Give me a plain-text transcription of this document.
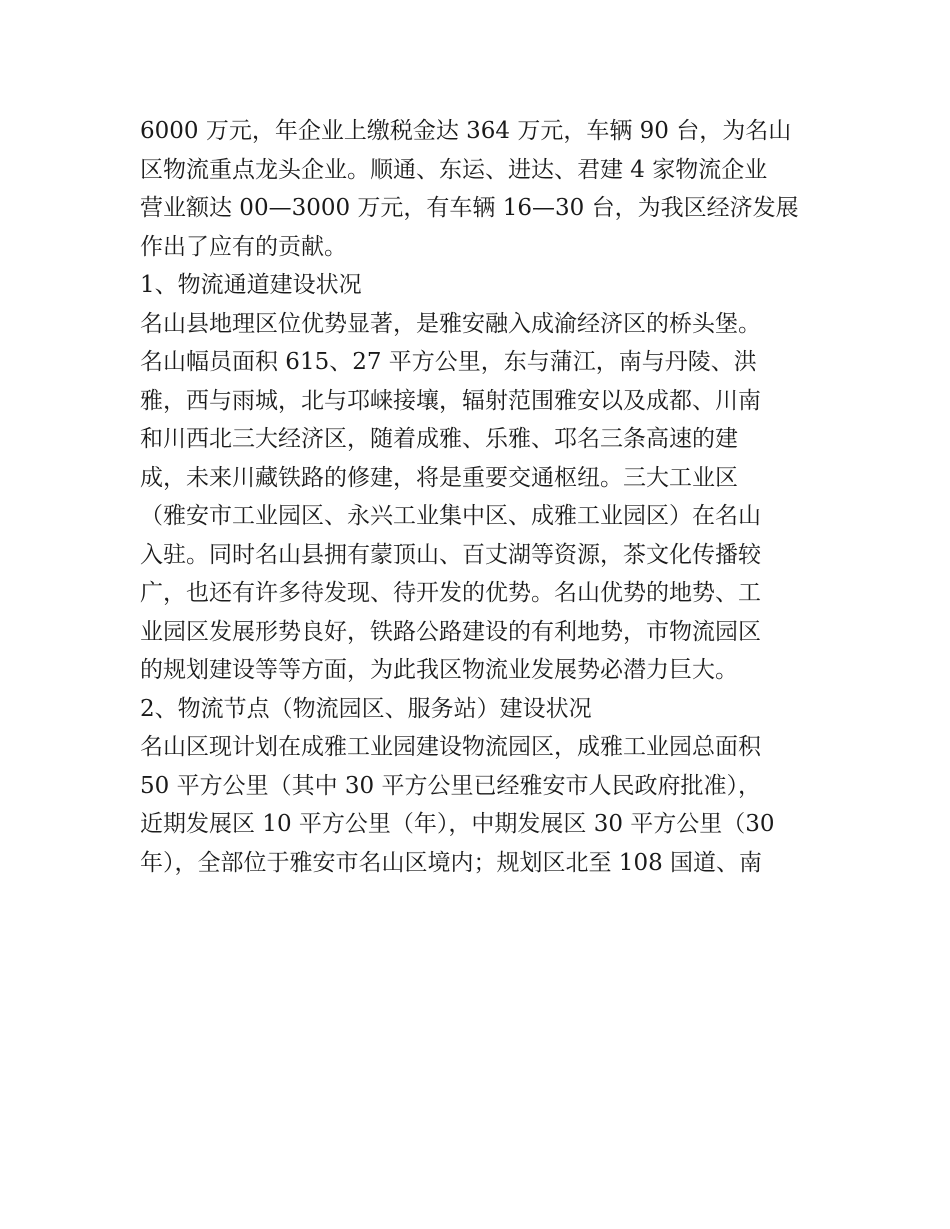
6000 万元，年企业上缴税金达 364 万元，车辆 90 台，为名山
区物流重点龙头企业。顺通、东运、进达、君建 4 家物流企业
营业额达 00—3000 万元，有车辆 16—30 台，为我区经济发展
作出了应有的贡献。
1、物流通道建设状况
名山县地理区位优势显著，是雅安融入成渝经济区的桥头堡。
名山幅员面积 615、27 平方公里，东与蒲江，南与丹陵、洪
雅，西与雨城，北与邛崃接壤，辐射范围雅安以及成都、川南
和川西北三大经济区，随着成雅、乐雅、邛名三条高速的建
成，未来川藏铁路的修建，将是重要交通枢纽。三大工业区
（雅安市工业园区、永兴工业集中区、成雅工业园区）在名山
入驻。同时名山县拥有蒙顶山、百丈湖等资源，茶文化传播较
广，也还有许多待发现、待开发的优势。名山优势的地势、工
业园区发展形势良好，铁路公路建设的有利地势，市物流园区
的规划建设等等方面，为此我区物流业发展势必潜力巨大。
2、物流节点（物流园区、服务站）建设状况
名山区现计划在成雅工业园建设物流园区，成雅工业园总面积
50 平方公里（其中 30 平方公里已经雅安市人民政府批准），
近期发展区 10 平方公里（年），中期发展区 30 平方公里（30
年），全部位于雅安市名山区境内；规划区北至 108 国道、南
